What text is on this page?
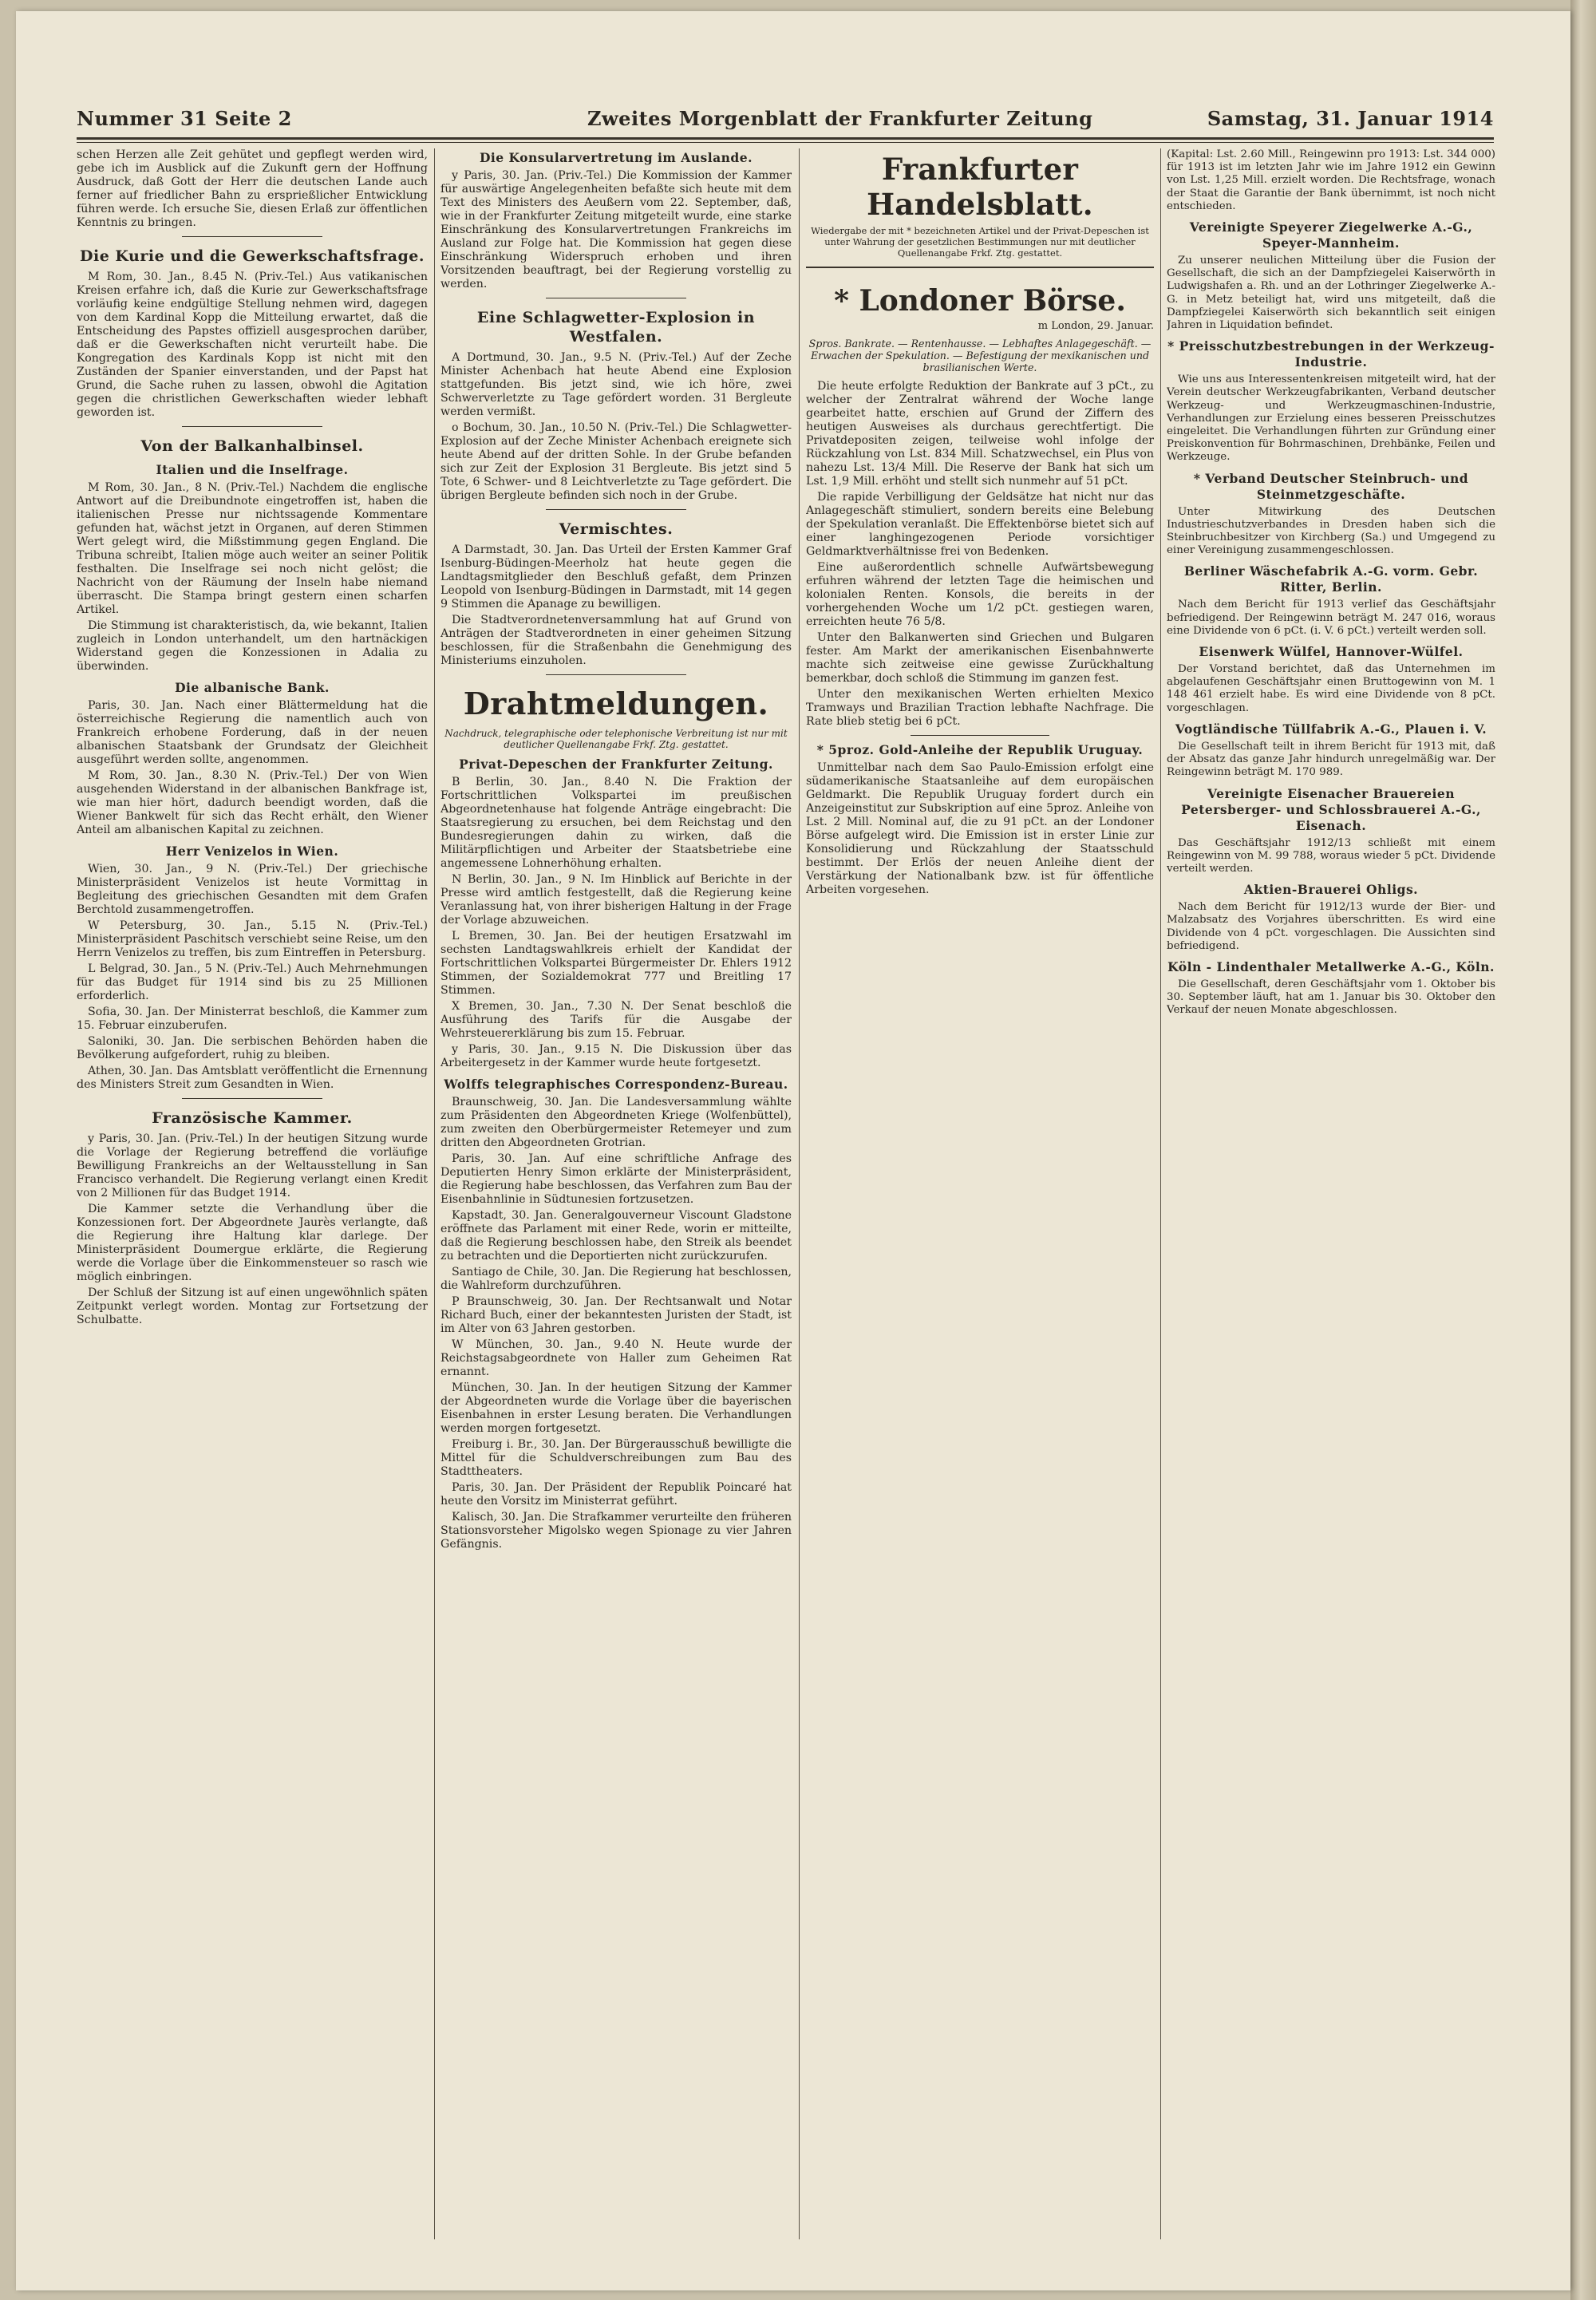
Nummer 31 Seite 2	Zweites Morgenblatt der Frankfurter Zeitung	Samstag, 31. Januar 1914

schen Herzen alle Zeit gehütet und gepflegt werden wird, gebe ich im Ausblick auf die Zukunft gern der Hoffnung Ausdruck, daß Gott der Herr die deutschen Lande auch ferner auf friedlicher Bahn zu ersprießlicher Entwicklung führen werde. Ich ersuche Sie, diesen Erlaß zur öffentlichen Kenntnis zu bringen.

Die Kurie und die Gewerkschaftsfrage.

M Rom, 30. Jan., 8.45 N. (Priv.-Tel.) Aus vatikanischen Kreisen erfahre ich, daß die Kurie zur Gewerkschaftsfrage vorläufig keine endgültige Stellung nehmen wird, dagegen von dem Kardinal Kopp die Mitteilung erwartet, daß die Entscheidung des Papstes offiziell ausgesprochen darüber, daß er die Gewerkschaften nicht verurteilt habe. Die Kongregation des Kardinals Kopp ist nicht mit den Zuständen der Spanier einverstanden, und der Papst hat Grund, die Sache ruhen zu lassen, obwohl die Agitation gegen die christlichen Gewerkschaften wieder lebhaft geworden ist.

Von der Balkanhalbinsel.
Italien und die Inselfrage.

M Rom, 30. Jan., 8 N. (Priv.-Tel.) Nachdem die englische Antwort auf die Dreibundnote eingetroffen ist, haben die italienischen Presse nur nichtssagende Kommentare gefunden hat, wächst jetzt in Organen, auf deren Stimmen Wert gelegt wird, die Mißstimmung gegen England. Die Tribuna schreibt, Italien möge auch weiter an seiner Politik festhalten. Die Inselfrage sei noch nicht gelöst; die Nachricht von der Räumung der Inseln habe niemand überrascht. Die Stampa bringt gestern einen scharfen Artikel.

Die Stimmung ist charakteristisch, da, wie bekannt, Italien zugleich in London unterhandelt, um den hartnäckigen Widerstand gegen die Konzessionen in Adalia zu überwinden.

Die albanische Bank.

Paris, 30. Jan. Nach einer Blättermeldung hat die österreichische Regierung die namentlich auch von Frankreich erhobene Forderung, daß in der neuen albanischen Staatsbank der Grundsatz der Gleichheit ausgeführt werden sollte, angenommen.

M Rom, 30. Jan., 8.30 N. (Priv.-Tel.) Der von Wien ausgehenden Widerstand in der albanischen Bankfrage ist, wie man hier hört, dadurch beendigt worden, daß die Wiener Bankwelt für sich das Recht erhält, den Wiener Anteil am albanischen Kapital zu zeichnen.

Herr Venizelos in Wien.

Wien, 30. Jan., 9 N. (Priv.-Tel.) Der griechische Ministerpräsident Venizelos ist heute Vormittag in Begleitung des griechischen Gesandten mit dem Grafen Berchtold zusammengetroffen.

W Petersburg, 30. Jan., 5.15 N. (Priv.-Tel.) Ministerpräsident Paschitsch verschiebt seine Reise, um den Herrn Venizelos zu treffen, bis zum Eintreffen in Petersburg.

L Belgrad, 30. Jan., 5 N. (Priv.-Tel.) Auch Mehrnehmungen für das Budget für 1914 sind bis zu 25 Millionen erforderlich.

Sofia, 30. Jan. Der Ministerrat beschloß, die Kammer zum 15. Februar einzuberufen.

Saloniki, 30. Jan. Die serbischen Behörden haben die Bevölkerung aufgefordert, ruhig zu bleiben.

Athen, 30. Jan. Das Amtsblatt veröffentlicht die Ernennung des Ministers Streit zum Gesandten in Wien.

Französische Kammer.

y Paris, 30. Jan. (Priv.-Tel.) In der heutigen Sitzung wurde die Vorlage der Regierung betreffend die vorläufige Bewilligung Frankreichs an der Weltausstellung in San Francisco verhandelt. Die Regierung verlangt einen Kredit von 2 Millionen für das Budget 1914.

Die Kammer setzte die Verhandlung über die Konzessionen fort. Der Abgeordnete Jaurès verlangte, daß die Regierung ihre Haltung klar darlege. Der Ministerpräsident Doumergue erklärte, die Regierung werde die Vorlage über die Einkommensteuer so rasch wie möglich einbringen.

Der Schluß der Sitzung ist auf einen ungewöhnlich späten Zeitpunkt verlegt worden. Montag zur Fortsetzung der Schulbatte.

Die Konsularvertretung im Auslande.

y Paris, 30. Jan. (Priv.-Tel.) Die Kommission der Kammer für auswärtige Angelegenheiten befaßte sich heute mit dem Text des Ministers des Aeußern vom 22. September, daß, wie in der Frankfurter Zeitung mitgeteilt wurde, eine starke Einschränkung des Konsularvertretungen Frankreichs im Ausland zur Folge hat. Die Kommission hat gegen diese Einschränkung Widerspruch erhoben und ihren Vorsitzenden beauftragt, bei der Regierung vorstellig zu werden.

Eine Schlagwetter-Explosion in Westfalen.

A Dortmund, 30. Jan., 9.5 N. (Priv.-Tel.) Auf der Zeche Minister Achenbach hat heute Abend eine Explosion stattgefunden. Bis jetzt sind, wie ich höre, zwei Schwerverletzte zu Tage gefördert worden. 31 Bergleute werden vermißt.

o Bochum, 30. Jan., 10.50 N. (Priv.-Tel.) Die Schlagwetter-Explosion auf der Zeche Minister Achenbach ereignete sich heute Abend auf der dritten Sohle. In der Grube befanden sich zur Zeit der Explosion 31 Bergleute. Bis jetzt sind 5 Tote, 6 Schwer- und 8 Leichtverletzte zu Tage gefördert. Die übrigen Bergleute befinden sich noch in der Grube.

Vermischtes.

A Darmstadt, 30. Jan. Das Urteil der Ersten Kammer Graf Isenburg-Büdingen-Meerholz hat heute gegen die Landtagsmitglieder den Beschluß gefaßt, dem Prinzen Leopold von Isenburg-Büdingen in Darmstadt, mit 14 gegen 9 Stimmen die Apanage zu bewilligen.

Die Stadtverordnetenversammlung hat auf Grund von Anträgen der Stadtverordneten in einer geheimen Sitzung beschlossen, für die Straßenbahn die Genehmigung des Ministeriums einzuholen.

Drahtmeldungen.
Nachdruck, telegraphische oder telephonische Verbreitung ist nur mit deutlicher Quellenangabe Frkf. Ztg. gestattet.
Privat-Depeschen der Frankfurter Zeitung.

B Berlin, 30. Jan., 8.40 N. Die Fraktion der Fortschrittlichen Volkspartei im preußischen Abgeordnetenhause hat folgende Anträge eingebracht: Die Staatsregierung zu ersuchen, bei dem Reichstag und den Bundesregierungen dahin zu wirken, daß die Militärpflichtigen und Arbeiter der Staatsbetriebe eine angemessene Lohnerhöhung erhalten.

N Berlin, 30. Jan., 9 N. Im Hinblick auf Berichte in der Presse wird amtlich festgestellt, daß die Regierung keine Veranlassung hat, von ihrer bisherigen Haltung in der Frage der Vorlage abzuweichen.

L Bremen, 30. Jan. Bei der heutigen Ersatzwahl im sechsten Landtagswahlkreis erhielt der Kandidat der Fortschrittlichen Volkspartei Bürgermeister Dr. Ehlers 1912 Stimmen, der Sozialdemokrat 777 und Breitling 17 Stimmen.

X Bremen, 30. Jan., 7.30 N. Der Senat beschloß die Ausführung des Tarifs für die Ausgabe der Wehrsteuererklärung bis zum 15. Februar.

y Paris, 30. Jan., 9.15 N. Die Diskussion über das Arbeitergesetz in der Kammer wurde heute fortgesetzt.

Wolffs telegraphisches Correspondenz-Bureau.

Braunschweig, 30. Jan. Die Landesversammlung wählte zum Präsidenten den Abgeordneten Kriege (Wolfenbüttel), zum zweiten den Oberbürgermeister Retemeyer und zum dritten den Abgeordneten Grotrian.

Paris, 30. Jan. Auf eine schriftliche Anfrage des Deputierten Henry Simon erklärte der Ministerpräsident, die Regierung habe beschlossen, das Verfahren zum Bau der Eisenbahnlinie in Südtunesien fortzusetzen.

Kapstadt, 30. Jan. Generalgouverneur Viscount Gladstone eröffnete das Parlament mit einer Rede, worin er mitteilte, daß die Regierung beschlossen habe, den Streik als beendet zu betrachten und die Deportierten nicht zurückzurufen.

Santiago de Chile, 30. Jan. Die Regierung hat beschlossen, die Wahlreform durchzuführen.

P Braunschweig, 30. Jan. Der Rechtsanwalt und Notar Richard Buch, einer der bekanntesten Juristen der Stadt, ist im Alter von 63 Jahren gestorben.

W München, 30. Jan., 9.40 N. Heute wurde der Reichstagsabgeordnete von Haller zum Geheimen Rat ernannt.

München, 30. Jan. In der heutigen Sitzung der Kammer der Abgeordneten wurde die Vorlage über die bayerischen Eisenbahnen in erster Lesung beraten. Die Verhandlungen werden morgen fortgesetzt.

Freiburg i. Br., 30. Jan. Der Bürgerausschuß bewilligte die Mittel für die Schuldverschreibungen zum Bau des Stadttheaters.

Paris, 30. Jan. Der Präsident der Republik Poincaré hat heute den Vorsitz im Ministerrat geführt.

Kalisch, 30. Jan. Die Strafkammer verurteilte den früheren Stationsvorsteher Migolsko wegen Spionage zu vier Jahren Gefängnis.

Frankfurter Handelsblatt.
Wiedergabe der mit * bezeichneten Artikel und der Privat-Depeschen ist unter Wahrung der gesetzlichen Bestimmungen nur mit deutlicher Quellenangabe Frkf. Ztg. gestattet.
* Londoner Börse.
m London, 29. Januar.
Spros. Bankrate. — Rentenhausse. — Lebhaftes Anlagegeschäft. — Erwachen der Spekulation. — Befestigung der mexikanischen und brasilianischen Werte.

Die heute erfolgte Reduktion der Bankrate auf 3 pCt., zu welcher der Zentralrat während der Woche lange gearbeitet hatte, erschien auf Grund der Ziffern des heutigen Ausweises als durchaus gerechtfertigt. Die Privatdepositen zeigen, teilweise wohl infolge der Rückzahlung von Lst. 834 Mill. Schatzwechsel, ein Plus von nahezu Lst. 13/4 Mill. Die Reserve der Bank hat sich um Lst. 1,9 Mill. erhöht und stellt sich nunmehr auf 51 pCt.

Die rapide Verbilligung der Geldsätze hat nicht nur das Anlagegeschäft stimuliert, sondern bereits eine Belebung der Spekulation veranlaßt. Die Effektenbörse bietet sich auf einer langhingezogenen Periode vorsichtiger Geldmarktverhältnisse frei von Bedenken.

Eine außerordentlich schnelle Aufwärtsbewegung erfuhren während der letzten Tage die heimischen und kolonialen Renten. Konsols, die bereits in der vorhergehenden Woche um 1/2 pCt. gestiegen waren, erreichten heute 76 5/8.

Unter den Balkanwerten sind Griechen und Bulgaren fester. Am Markt der amerikanischen Eisenbahnwerte machte sich zeitweise eine gewisse Zurückhaltung bemerkbar, doch schloß die Stimmung im ganzen fest.

Unter den mexikanischen Werten erhielten Mexico Tramways und Brazilian Traction lebhafte Nachfrage. Die Rate blieb stetig bei 6 pCt.

* 5proz. Gold-Anleihe der Republik Uruguay.

Unmittelbar nach dem Sao Paulo-Emission erfolgt eine südamerikanische Staatsanleihe auf dem europäischen Geldmarkt. Die Republik Uruguay fordert durch ein Anzeigeinstitut zur Subskription auf eine 5proz. Anleihe von Lst. 2 Mill. Nominal auf, die zu 91 pCt. an der Londoner Börse aufgelegt wird. Die Emission ist in erster Linie zur Konsolidierung und Rückzahlung der Staatsschuld bestimmt. Der Erlös der neuen Anleihe dient der Verstärkung der Nationalbank bzw. ist für öffentliche Arbeiten vorgesehen.

(Kapital: Lst. 2.60 Mill., Reingewinn pro 1913: Lst. 344 000) für 1913 ist im letzten Jahr wie im Jahre 1912 ein Gewinn von Lst. 1,25 Mill. erzielt worden. Die Rechtsfrage, wonach der Staat die Garantie der Bank übernimmt, ist noch nicht entschieden.

Vereinigte Speyerer Ziegelwerke A.-G., Speyer-Mannheim.

Zu unserer neulichen Mitteilung über die Fusion der Gesellschaft, die sich an der Dampfziegelei Kaiserwörth in Ludwigshafen a. Rh. und an der Lothringer Ziegelwerke A.-G. in Metz beteiligt hat, wird uns mitgeteilt, daß die Dampfziegelei Kaiserwörth sich bekanntlich seit einigen Jahren in Liquidation befindet.

* Preisschutzbestrebungen in der Werkzeug-Industrie.

Wie uns aus Interessentenkreisen mitgeteilt wird, hat der Verein deutscher Werkzeugfabrikanten, Verband deutscher Werkzeug- und Werkzeugmaschinen-Industrie, Verhandlungen zur Erzielung eines besseren Preisschutzes eingeleitet. Die Verhandlungen führten zur Gründung einer Preiskonvention für Bohrmaschinen, Drehbänke, Feilen und Werkzeuge.

* Verband Deutscher Steinbruch- und Steinmetzgeschäfte.

Unter Mitwirkung des Deutschen Industrieschutzverbandes in Dresden haben sich die Steinbruchbesitzer von Kirchberg (Sa.) und Umgegend zu einer Vereinigung zusammengeschlossen.

Berliner Wäschefabrik A.-G. vorm. Gebr. Ritter, Berlin.

Nach dem Bericht für 1913 verlief das Geschäftsjahr befriedigend. Der Reingewinn beträgt M. 247 016, woraus eine Dividende von 6 pCt. (i. V. 6 pCt.) verteilt werden soll.

Eisenwerk Wülfel, Hannover-Wülfel.

Der Vorstand berichtet, daß das Unternehmen im abgelaufenen Geschäftsjahr einen Bruttogewinn von M. 1 148 461 erzielt habe. Es wird eine Dividende von 8 pCt. vorgeschlagen.

Vogtländische Tüllfabrik A.-G., Plauen i. V.

Die Gesellschaft teilt in ihrem Bericht für 1913 mit, daß der Absatz das ganze Jahr hindurch unregelmäßig war. Der Reingewinn beträgt M. 170 989.

Vereinigte Eisenacher Brauereien Petersberger- und Schlossbrauerei A.-G., Eisenach.

Das Geschäftsjahr 1912/13 schließt mit einem Reingewinn von M. 99 788, woraus wieder 5 pCt. Dividende verteilt werden.

Aktien-Brauerei Ohligs.

Nach dem Bericht für 1912/13 wurde der Bier- und Malzabsatz des Vorjahres überschritten. Es wird eine Dividende von 4 pCt. vorgeschlagen. Die Aussichten sind befriedigend.

Köln - Lindenthaler Metallwerke A.-G., Köln.

Die Gesellschaft, deren Geschäftsjahr vom 1. Oktober bis 30. September läuft, hat am 1. Januar bis 30. Oktober den Verkauf der neuen Monate abgeschlossen.
